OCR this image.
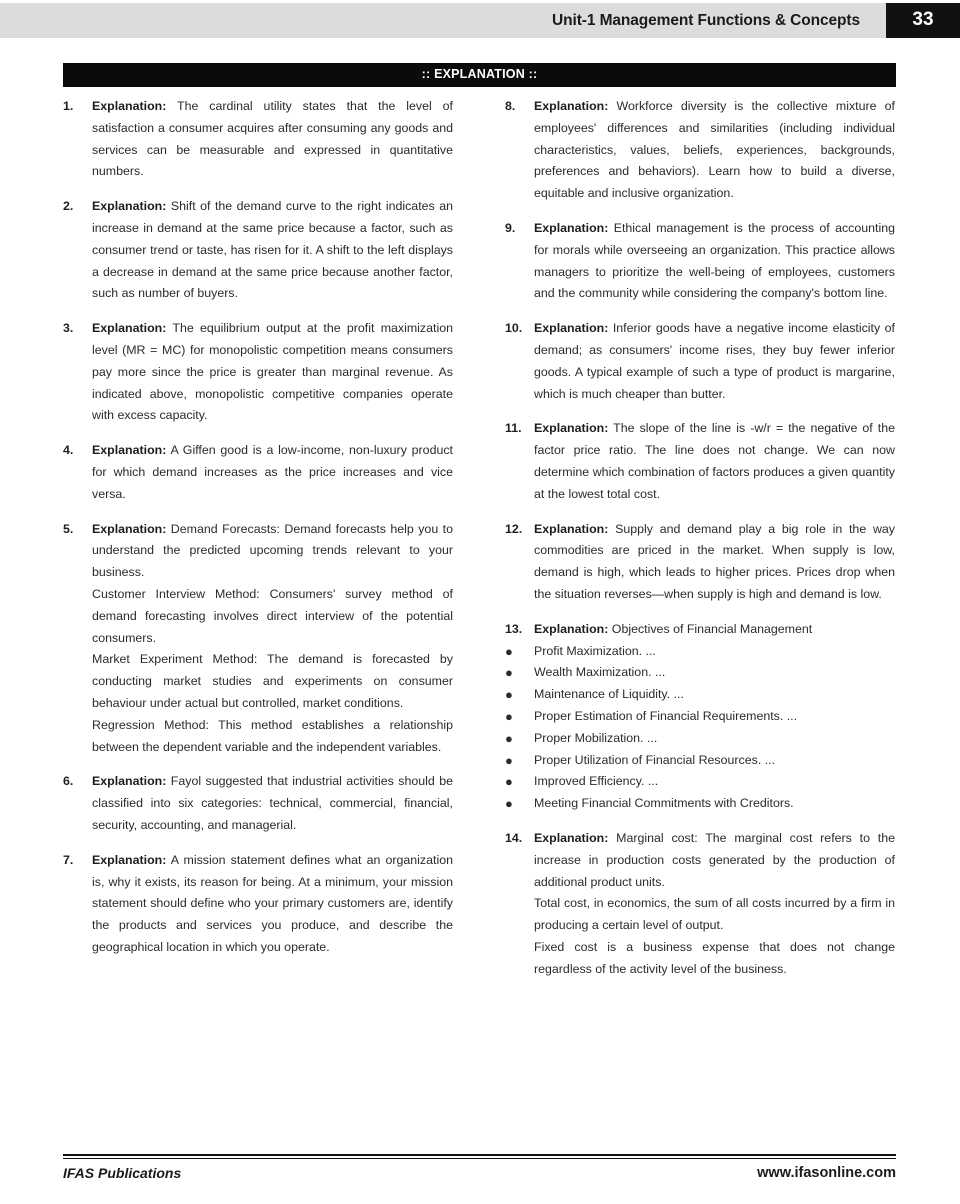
Unit-1 Management Functions & Concepts	33
:: EXPLANATION ::
1.	Explanation: The cardinal utility states that the level of satisfaction a consumer acquires after consuming any goods and services can be measurable and expressed in quantitative numbers.
2.	Explanation: Shift of the demand curve to the right indicates an increase in demand at the same price because a factor, such as consumer trend or taste, has risen for it. A shift to the left displays a decrease in demand at the same price because another factor, such as number of buyers.
3.	Explanation: The equilibrium output at the profit maximization level (MR = MC) for monopolistic competition means consumers pay more since the price is greater than marginal revenue. As indicated above, monopolistic competitive companies operate with excess capacity.
4.	Explanation: A Giffen good is a low-income, non-luxury product for which demand increases as the price increases and vice versa.
5.	Explanation: Demand Forecasts: Demand forecasts help you to understand the predicted upcoming trends relevant to your business.
Customer Interview Method: Consumers' survey method of demand forecasting involves direct interview of the potential consumers.
Market Experiment Method: The demand is forecasted by conducting market studies and experiments on consumer behaviour under actual but controlled, market conditions.
Regression Method: This method establishes a relationship between the dependent variable and the independent variables.
6.	Explanation: Fayol suggested that industrial activities should be classified into six categories: technical, commercial, financial, security, accounting, and managerial.
7.	Explanation: A mission statement defines what an organization is, why it exists, its reason for being. At a minimum, your mission statement should define who your primary customers are, identify the products and services you produce, and describe the geographical location in which you operate.
8.	Explanation: Workforce diversity is the collective mixture of employees' differences and similarities (including individual characteristics, values, beliefs, experiences, backgrounds, preferences and behaviors). Learn how to build a diverse, equitable and inclusive organization.
9.	Explanation: Ethical management is the process of accounting for morals while overseeing an organization. This practice allows managers to prioritize the well-being of employees, customers and the community while considering the company's bottom line.
10. Explanation: Inferior goods have a negative income elasticity of demand; as consumers' income rises, they buy fewer inferior goods. A typical example of such a type of product is margarine, which is much cheaper than butter.
11.	Explanation: The slope of the line is -w/r = the negative of the factor price ratio. The line does not change. We can now determine which combination of factors produces a given quantity at the lowest total cost.
12. Explanation: Supply and demand play a big role in the way commodities are priced in the market. When supply is low, demand is high, which leads to higher prices. Prices drop when the situation reverses—when supply is high and demand is low.
13. Explanation: Objectives of Financial Management
●	Profit Maximization. ...
●	Wealth Maximization. ...
●	Maintenance of Liquidity. ...
●	Proper Estimation of Financial Requirements. ...
●	Proper Mobilization. ...
●	Proper Utilization of Financial Resources. ...
●	Improved Efficiency. ...
●	Meeting Financial Commitments with Creditors.
14. Explanation: Marginal cost: The marginal cost refers to the increase in production costs generated by the production of additional product units.
Total cost, in economics, the sum of all costs incurred by a firm in producing a certain level of output.
Fixed cost is a business expense that does not change regardless of the activity level of the business.
IFAS Publications	www.ifasonline.com
